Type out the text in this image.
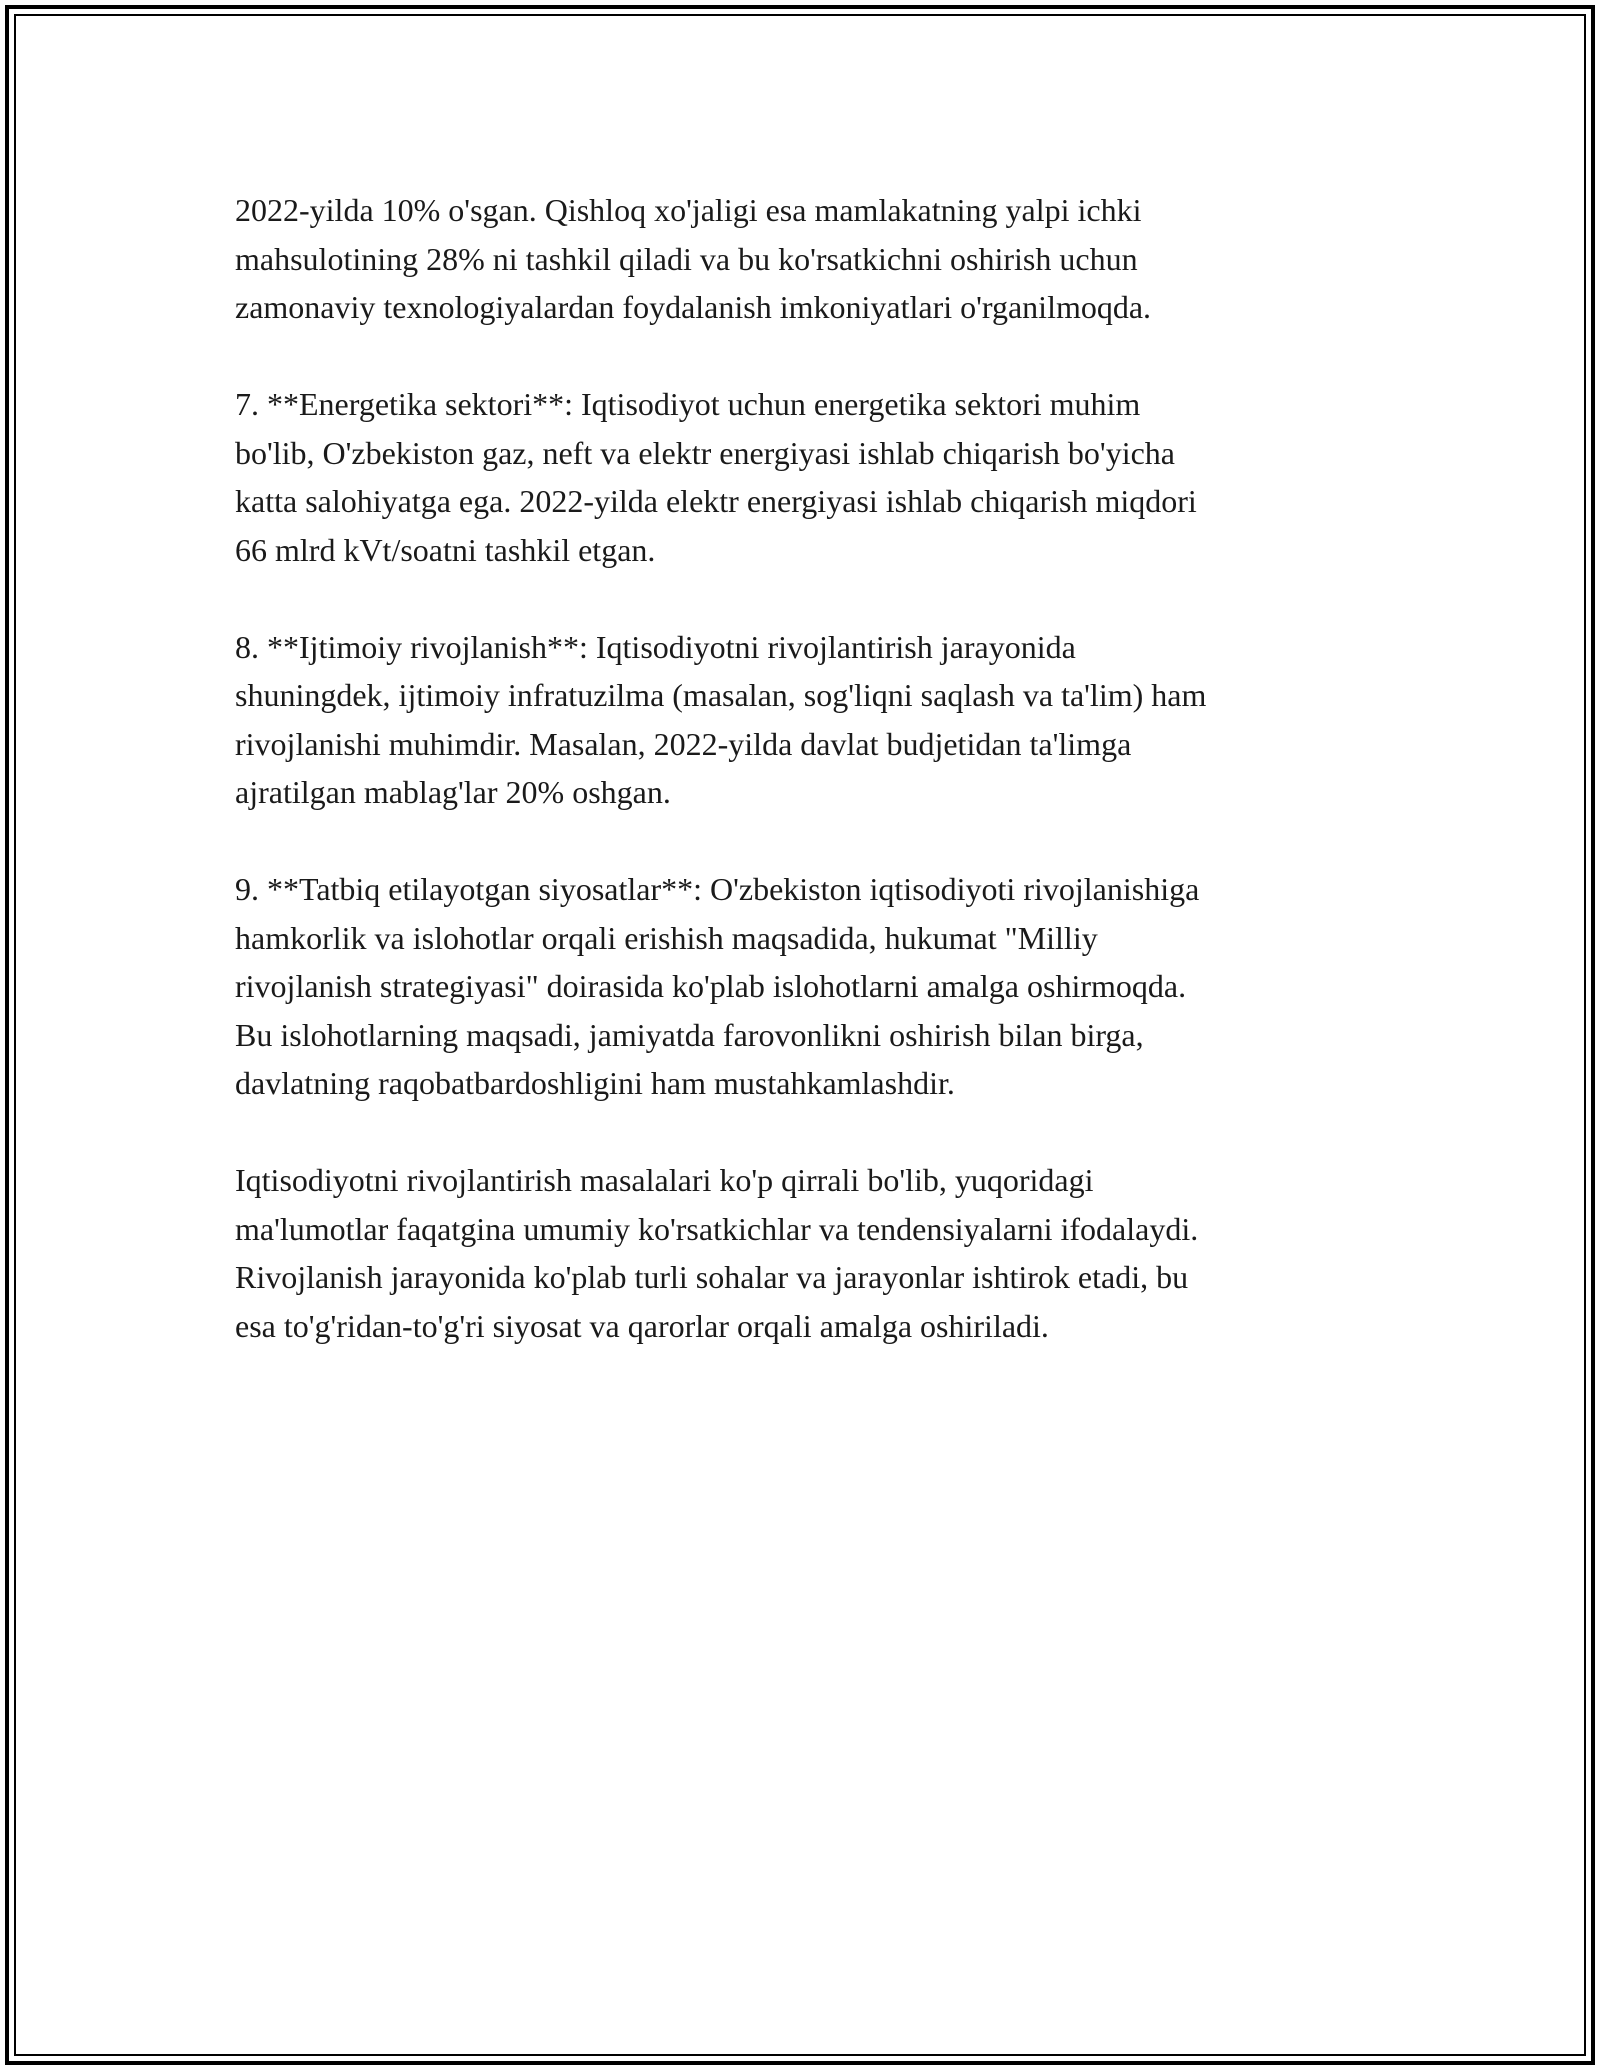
2022-yilda 10% o'sgan. Qishloq xo'jaligi esa mamlakatning yalpi ichki
mahsulotining 28% ni tashkil qiladi va bu ko'rsatkichni oshirish uchun
zamonaviy texnologiyalardan foydalanish imkoniyatlari o'rganilmoqda.

7. **Energetika sektori**: Iqtisodiyot uchun energetika sektori muhim
bo'lib, O'zbekiston gaz, neft va elektr energiyasi ishlab chiqarish bo'yicha
katta salohiyatga ega. 2022-yilda elektr energiyasi ishlab chiqarish miqdori
66 mlrd kVt/soatni tashkil etgan.

8. **Ijtimoiy rivojlanish**: Iqtisodiyotni rivojlantirish jarayonida
shuningdek, ijtimoiy infratuzilma (masalan, sog'liqni saqlash va ta'lim) ham
rivojlanishi muhimdir. Masalan, 2022-yilda davlat budjetidan ta'limga
ajratilgan mablag'lar 20% oshgan.

9. **Tatbiq etilayotgan siyosatlar**: O'zbekiston iqtisodiyoti rivojlanishiga
hamkorlik va islohotlar orqali erishish maqsadida, hukumat "Milliy
rivojlanish strategiyasi" doirasida ko'plab islohotlarni amalga oshirmoqda.
Bu islohotlarning maqsadi, jamiyatda farovonlikni oshirish bilan birga,
davlatning raqobatbardoshligini ham mustahkamlashdir.

Iqtisodiyotni rivojlantirish masalalari ko'p qirrali bo'lib, yuqoridagi
ma'lumotlar faqatgina umumiy ko'rsatkichlar va tendensiyalarni ifodalaydi.
Rivojlanish jarayonida ko'plab turli sohalar va jarayonlar ishtirok etadi, bu
esa to'g'ridan-to'g'ri siyosat va qarorlar orqali amalga oshiriladi.
